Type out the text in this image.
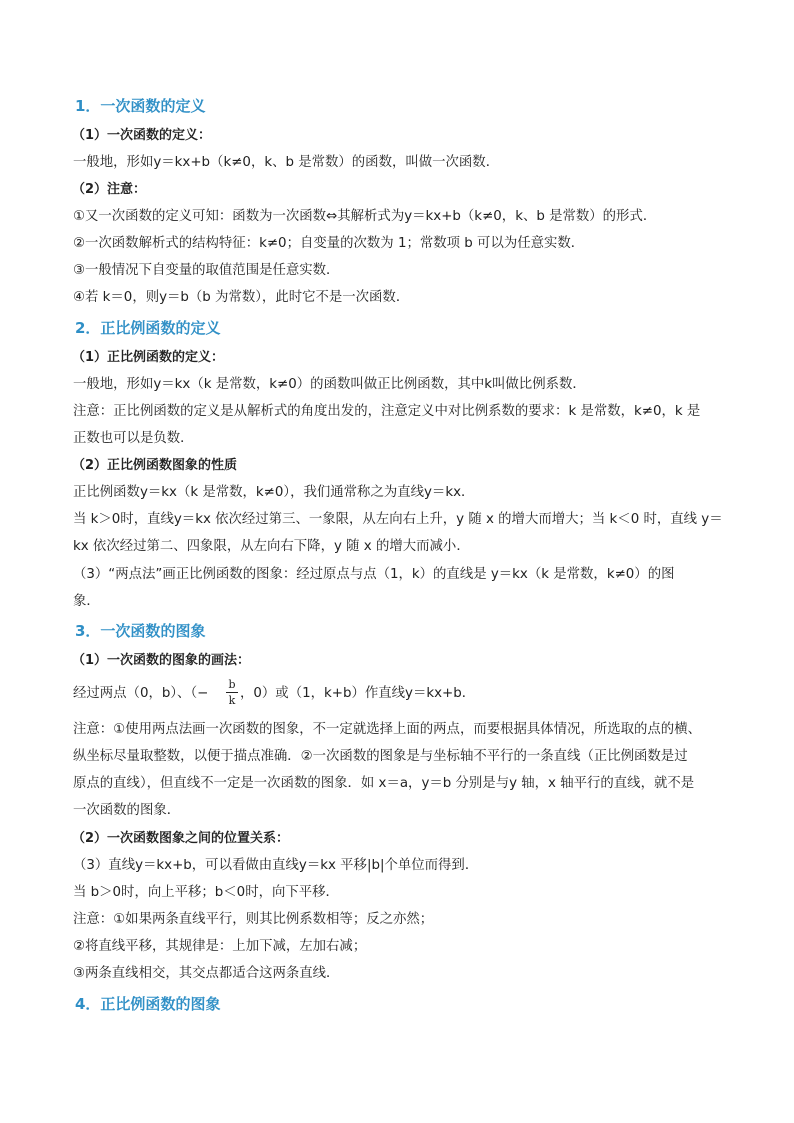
1．一次函数的定义
（1）一次函数的定义：
一般地，形如y＝kx+b（k≠0，k、b 是常数）的函数，叫做一次函数．
（2）注意：
①又一次函数的定义可知：函数为一次函数⇔其解析式为y＝kx+b（k≠0，k、b 是常数）的形式．
②一次函数解析式的结构特征：k≠0；自变量的次数为 1；常数项 b 可以为任意实数．
③一般情况下自变量的取值范围是任意实数．
④若 k＝0，则y＝b（b 为常数），此时它不是一次函数．
2．正比例函数的定义
（1）正比例函数的定义：
一般地，形如y＝kx（k 是常数，k≠0）的函数叫做正比例函数，其中k叫做比例系数．
注意：正比例函数的定义是从解析式的角度出发的，注意定义中对比例系数的要求：k 是常数，k≠0，k 是
正数也可以是负数．
（2）正比例函数图象的性质
正比例函数y＝kx（k 是常数，k≠0），我们通常称之为直线y＝kx．
当 k＞0时，直线y＝kx 依次经过第三、一象限，从左向右上升，y 随 x 的增大而增大；当 k＜0 时，直线 y＝
kx 依次经过第二、四象限，从左向右下降，y 随 x 的增大而减小．
（3）“两点法”画正比例函数的图象：经过原点与点（1，k）的直线是 y＝kx（k 是常数，k≠0）的图
象．
3．一次函数的图象
（1）一次函数的图象的画法：
经过两点（0，b）、（−
b
k ，0）或（1，k+b）作直线y＝kx+b．
注意：①使用两点法画一次函数的图象，不一定就选择上面的两点，而要根据具体情况，所选取的点的横、
纵坐标尽量取整数，以便于描点准确．②一次函数的图象是与坐标轴不平行的一条直线（正比例函数是过
原点的直线），但直线不一定是一次函数的图象．如 x＝a，y＝b 分别是与y 轴，x 轴平行的直线，就不是
一次函数的图象．
（2）一次函数图象之间的位置关系：
（3）直线y＝kx+b，可以看做由直线y＝kx 平移|b|个单位而得到．
当 b＞0时，向上平移；b＜0时，向下平移．
注意：①如果两条直线平行，则其比例系数相等；反之亦然；
②将直线平移，其规律是：上加下减，左加右减；
③两条直线相交，其交点都适合这两条直线．
4．正比例函数的图象
